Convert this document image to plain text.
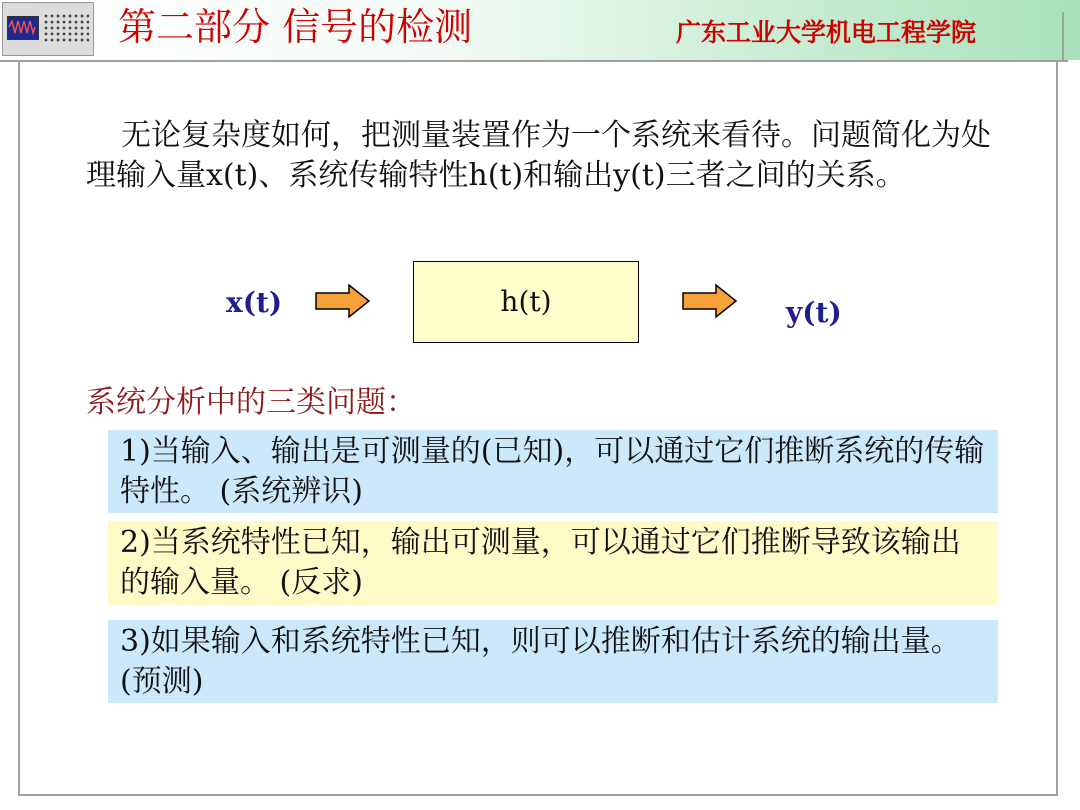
第二部分 信号的检测	广东工业大学机电工程学院

无论复杂度如何，把测量装置作为一个系统来看待。问题简化为处理输入量x(t)、系统传输特性h(t)和输出y(t)三者之间的关系。

x(t)	h(t)	y(t)
系统分析中的三类问题：
1)当输入、输出是可测量的(已知)，可以通过它们推断系统的传输特性。 (系统辨识)
2)当系统特性已知，输出可测量，可以通过它们推断导致该输出的输入量。 (反求)
3)如果输入和系统特性已知，则可以推断和估计系统的输出量。(预测)
